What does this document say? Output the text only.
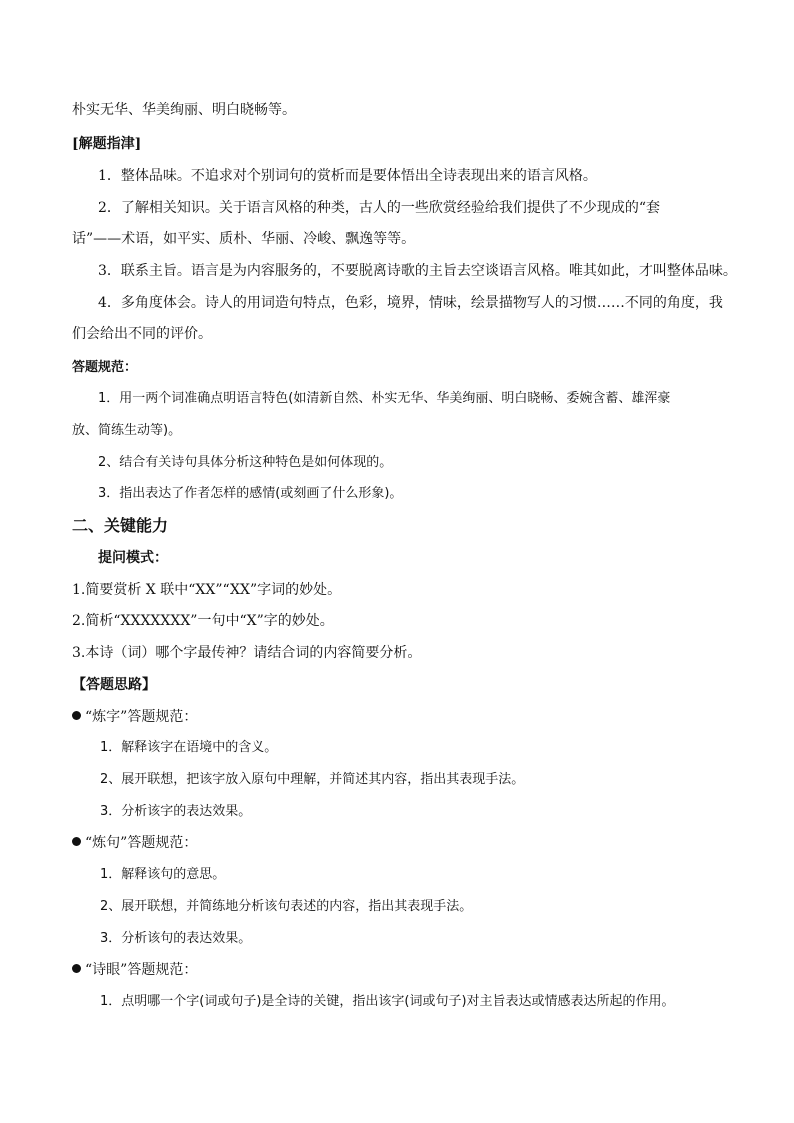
朴实无华、华美绚丽、明白晓畅等。
[解题指津]
1．整体品味。不追求对个别词句的赏析而是要体悟出全诗表现出来的语言风格。
2．了解相关知识。关于语言风格的种类，古人的一些欣赏经验给我们提供了不少现成的“套
话”——术语，如平实、质朴、华丽、冷峻、飘逸等等。
3．联系主旨。语言是为内容服务的，不要脱离诗歌的主旨去空谈语言风格。唯其如此，才叫整体品味。
4．多角度体会。诗人的用词造句特点，色彩，境界，情味，绘景描物写人的习惯……不同的角度，我
们会给出不同的评价。
答题规范：
1．用一两个词准确点明语言特色(如清新自然、朴实无华、华美绚丽、明白晓畅、委婉含蓄、雄浑豪
放、简练生动等)。
2、结合有关诗句具体分析这种特色是如何体现的。
3．指出表达了作者怎样的感情(或刻画了什么形象)。
二、关键能力
提问模式：
1.简要赏析 X 联中“XX”“XX”字词的妙处。
2.简析“XXXXXXX”一句中“X”字的妙处。
3.本诗（词）哪个字最传神？请结合词的内容简要分析。
【答题思路】
“炼字”答题规范：
1．解释该字在语境中的含义。
2、展开联想，把该字放入原句中理解，并简述其内容，指出其表现手法。
3．分析该字的表达效果。
“炼句”答题规范：
1．解释该句的意思。
2、展开联想，并简练地分析该句表述的内容，指出其表现手法。
3．分析该句的表达效果。
“诗眼”答题规范：
1．点明哪一个字(词或句子)是全诗的关键，指出该字(词或句子)对主旨表达或情感表达所起的作用。
